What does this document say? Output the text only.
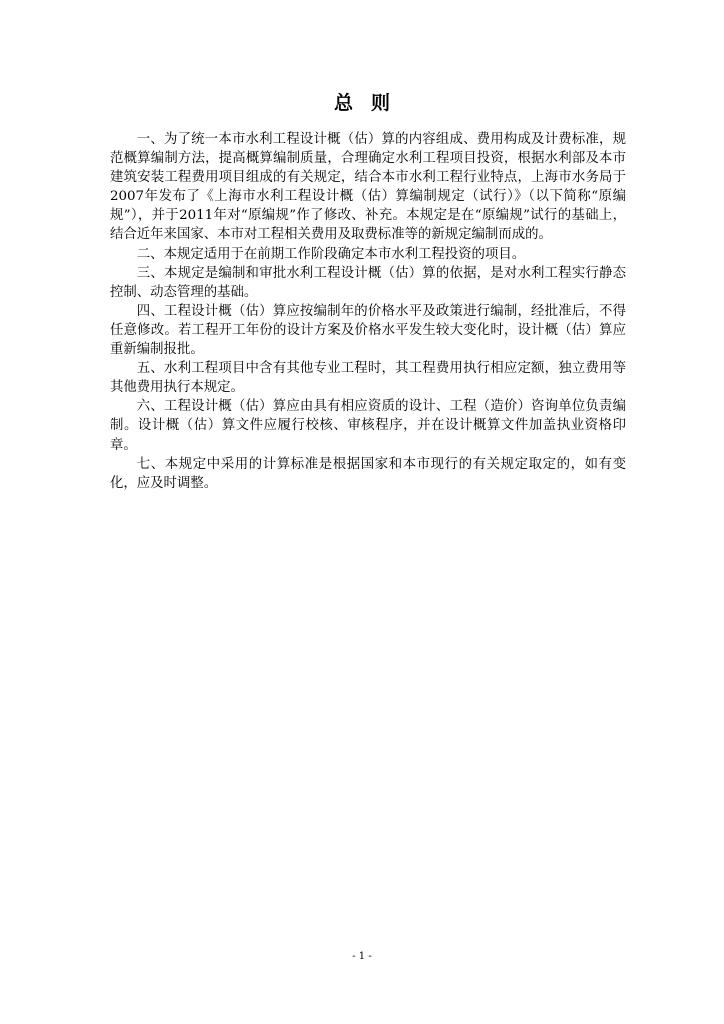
总 则

一、为了统一本市水利工程设计概（估）算的内容组成、费用构成及计费标准，规范概算编制方法，提高概算编制质量，合理确定水利工程项目投资，根据水利部及本市建筑安装工程费用项目组成的有关规定，结合本市水利工程行业特点，上海市水务局于2007年发布了《上海市水利工程设计概（估）算编制规定（试行）》（以下简称“原编规”），并于2011年对“原编规”作了修改、补充。本规定是在“原编规”试行的基础上，结合近年来国家、本市对工程相关费用及取费标准等的新规定编制而成的。

二、本规定适用于在前期工作阶段确定本市水利工程投资的项目。

三、本规定是编制和审批水利工程设计概（估）算的依据，是对水利工程实行静态控制、动态管理的基础。

四、工程设计概（估）算应按编制年的价格水平及政策进行编制，经批准后，不得任意修改。若工程开工年份的设计方案及价格水平发生较大变化时，设计概（估）算应重新编制报批。

五、水利工程项目中含有其他专业工程时，其工程费用执行相应定额，独立费用等其他费用执行本规定。

六、工程设计概（估）算应由具有相应资质的设计、工程（造价）咨询单位负责编制。设计概（估）算文件应履行校核、审核程序，并在设计概算文件加盖执业资格印章。

七、本规定中采用的计算标准是根据国家和本市现行的有关规定取定的，如有变化，应及时调整。

- 1 -
